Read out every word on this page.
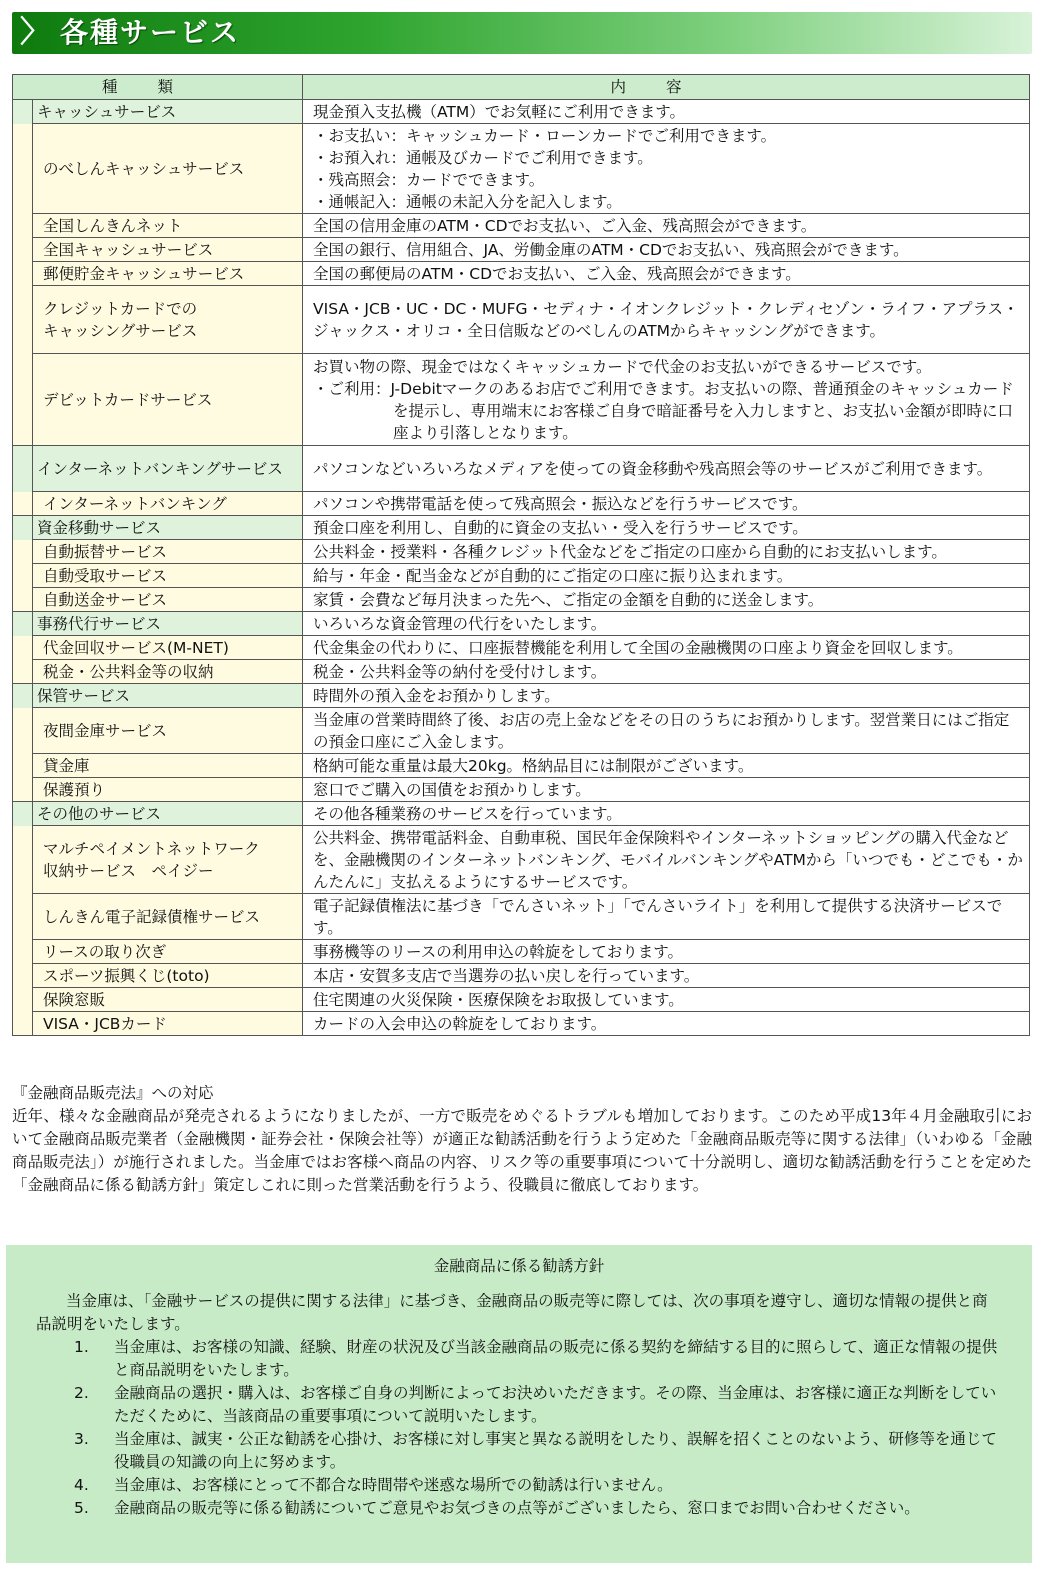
〉 各種サービス
種類		内容

	キャッシュサービス	現金預入支払機（ATM）でお気軽にご利用できます。

	のべしんキャッシュサービス	・お支払い：キャッシュカード・ローンカードでご利用できます。
・お預入れ：通帳及びカードでご利用できます。
・残高照会：カードでできます。
・通帳記入：通帳の未記入分を記入します。

	全国しんきんネット	全国の信用金庫のATM・CDでお支払い、ご入金、残高照会ができます。

	全国キャッシュサービス	全国の銀行、信用組合、JA、労働金庫のATM・CDでお支払い、残高照会ができます。

	郵便貯金キャッシュサービス	全国の郵便局のATM・CDでお支払い、ご入金、残高照会ができます。

	クレジットカードでの
キャッシングサービス	VISA・JCB・UC・DC・MUFG・セディナ・イオンクレジット・クレディセゾン・ライフ・アプラス・ジャックス・オリコ・全日信販などのべしんのATMからキャッシングができます。

	デビットカードサービス	お買い物の際、現金ではなくキャッシュカードで代金のお支払いができるサービスです。
・ご利用：J-Debitマークのあるお店でご利用できます。お支払いの際、普通預金のキャッシュカードを提示し、専用端末にお客様ご自身で暗証番号を入力しますと、お支払い金額が即時に口座より引落しとなります。

	インターネットバンキングサービス	パソコンなどいろいろなメディアを使っての資金移動や残高照会等のサービスがご利用できます。

	インターネットバンキング	パソコンや携帯電話を使って残高照会・振込などを行うサービスです。

	資金移動サービス	預金口座を利用し、自動的に資金の支払い・受入を行うサービスです。

	自動振替サービス	公共料金・授業料・各種クレジット代金などをご指定の口座から自動的にお支払いします。

	自動受取サービス	給与・年金・配当金などが自動的にご指定の口座に振り込まれます。

	自動送金サービス	家賃・会費など毎月決まった先へ、ご指定の金額を自動的に送金します。

	事務代行サービス	いろいろな資金管理の代行をいたします。

	代金回収サービス(M-NET)	代金集金の代わりに、口座振替機能を利用して全国の金融機関の口座より資金を回収します。

	税金・公共料金等の収納	税金・公共料金等の納付を受付けします。

	保管サービス	時間外の預入金をお預かりします。

	夜間金庫サービス	当金庫の営業時間終了後、お店の売上金などをその日のうちにお預かりします。翌営業日にはご指定の預金口座にご入金します。

	貸金庫	格納可能な重量は最大20kg。格納品目には制限がございます。

	保護預り	窓口でご購入の国債をお預かりします。

	その他のサービス	その他各種業務のサービスを行っています。

	マルチペイメントネットワーク
収納サービス　ペイジー	公共料金、携帯電話料金、自動車税、国民年金保険料やインターネットショッピングの購入代金などを、金融機関のインターネットバンキング、モバイルバンキングやATMから「いつでも・どこでも・かんたんに」支払えるようにするサービスです。

	しんきん電子記録債権サービス	電子記録債権法に基づき「でんさいネット」「でんさいライト」を利用して提供する決済サービスです。

	リースの取り次ぎ	事務機等のリースの利用申込の斡旋をしております。

	スポーツ振興くじ(toto)	本店・安賀多支店で当選券の払い戻しを行っています。

	保険窓販	住宅関連の火災保険・医療保険をお取扱しています。

	VISA・JCBカード	カードの入会申込の斡旋をしております。
『金融商品販売法』への対応
近年、様々な金融商品が発売されるようになりましたが、一方で販売をめぐるトラブルも増加しております。このため平成13年４月金融取引において金融商品販売業者（金融機関・証券会社・保険会社等）が適正な勧誘活動を行うよう定めた「金融商品販売等に関する法律」（いわゆる「金融商品販売法」）が施行されました。当金庫ではお客様へ商品の内容、リスク等の重要事項について十分説明し、適切な勧誘活動を行うことを定めた「金融商品に係る勧誘方針」策定しこれに則った営業活動を行うよう、役職員に徹底しております。
金融商品に係る勧誘方針
当金庫は、「金融サービスの提供に関する法律」に基づき、金融商品の販売等に際しては、次の事項を遵守し、適切な情報の提供と商品説明をいたします。
1. 当金庫は、お客様の知識、経験、財産の状況及び当該金融商品の販売に係る契約を締結する目的に照らして、適正な情報の提供と商品説明をいたします。
2. 金融商品の選択・購入は、お客様ご自身の判断によってお決めいただきます。その際、当金庫は、お客様に適正な判断をしていただくために、当該商品の重要事項について説明いたします。
3. 当金庫は、誠実・公正な勧誘を心掛け、お客様に対し事実と異なる説明をしたり、誤解を招くことのないよう、研修等を通じて役職員の知識の向上に努めます。
4. 当金庫は、お客様にとって不都合な時間帯や迷惑な場所での勧誘は行いません。
5. 金融商品の販売等に係る勧誘についてご意見やお気づきの点等がございましたら、窓口までお問い合わせください。
